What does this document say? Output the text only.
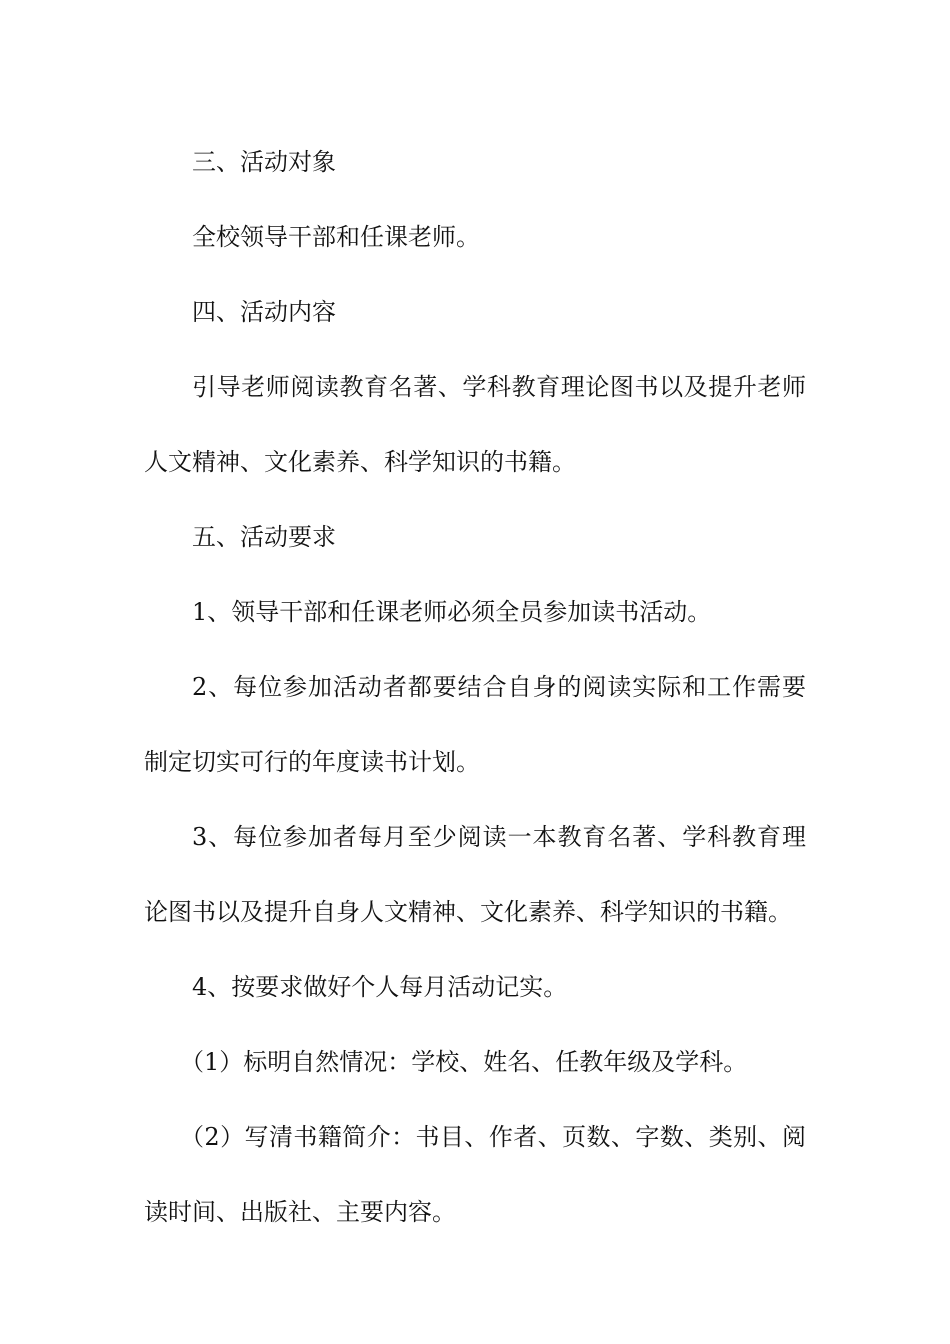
三、活动对象

全校领导干部和任课老师。

四、活动内容

引导老师阅读教育名著、学科教育理论图书以及提升老师人文精神、文化素养、科学知识的书籍。

五、活动要求

1、领导干部和任课老师必须全员参加读书活动。

2、每位参加活动者都要结合自身的阅读实际和工作需要制定切实可行的年度读书计划。

3、每位参加者每月至少阅读一本教育名著、学科教育理论图书以及提升自身人文精神、文化素养、科学知识的书籍。

4、按要求做好个人每月活动记实。

（1）标明自然情况：学校、姓名、任教年级及学科。

（2）写清书籍简介：书目、作者、页数、字数、类别、阅读时间、出版社、主要内容。
